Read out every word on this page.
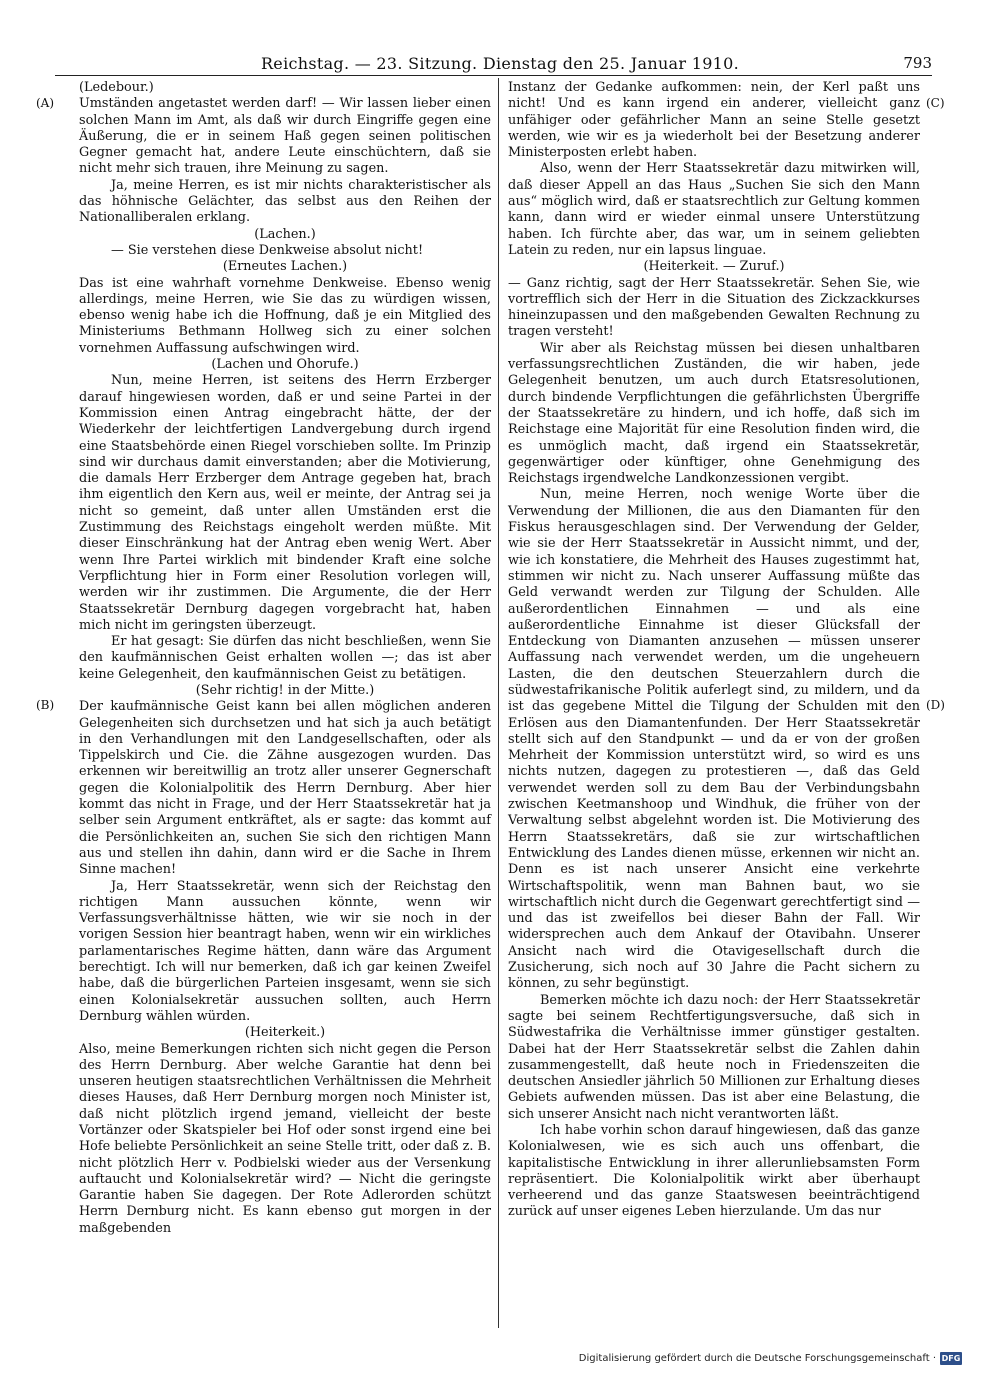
Reichstag. — 23. Sitzung. Dienstag den 25. Januar 1910.	793
(A)
(B)
(C)
(D)

(Ledebour.)

Umständen angetastet werden darf! — Wir lassen lieber einen solchen Mann im Amt, als daß wir durch Eingriffe gegen eine Äußerung, die er in seinem Haß gegen seinen politischen Gegner gemacht hat, andere Leute einschüchtern, daß sie nicht mehr sich trauen, ihre Meinung zu sagen.

Ja, meine Herren, es ist mir nichts charakteristischer als das höhnische Gelächter, das selbst aus den Reihen der Nationalliberalen erklang.

(Lachen.)

— Sie verstehen diese Denkweise absolut nicht!

(Erneutes Lachen.)

Das ist eine wahrhaft vornehme Denkweise. Ebenso wenig allerdings, meine Herren, wie Sie das zu würdigen wissen, ebenso wenig habe ich die Hoffnung, daß je ein Mitglied des Ministeriums Bethmann Hollweg sich zu einer solchen vornehmen Auffassung aufschwingen wird.

(Lachen und Ohorufe.)

Nun, meine Herren, ist seitens des Herrn Erzberger darauf hingewiesen worden, daß er und seine Partei in der Kommission einen Antrag eingebracht hätte, der der Wiederkehr der leichtfertigen Landvergebung durch irgend eine Staatsbehörde einen Riegel vorschieben sollte. Im Prinzip sind wir durchaus damit einverstanden; aber die Motivierung, die damals Herr Erzberger dem Antrage gegeben hat, brach ihm eigentlich den Kern aus, weil er meinte, der Antrag sei ja nicht so gemeint, daß unter allen Umständen erst die Zustimmung des Reichstags eingeholt werden müßte. Mit dieser Einschränkung hat der Antrag eben wenig Wert. Aber wenn Ihre Partei wirklich mit bindender Kraft eine solche Verpflichtung hier in Form einer Resolution vorlegen will, werden wir ihr zustimmen. Die Argumente, die der Herr Staatssekretär Dernburg dagegen vorgebracht hat, haben mich nicht im geringsten überzeugt.

Er hat gesagt: Sie dürfen das nicht beschließen, wenn Sie den kaufmännischen Geist erhalten wollen —; das ist aber keine Gelegenheit, den kaufmännischen Geist zu betätigen.

(Sehr richtig! in der Mitte.)

Der kaufmännische Geist kann bei allen möglichen anderen Gelegenheiten sich durchsetzen und hat sich ja auch betätigt in den Verhandlungen mit den Landgesellschaften, oder als Tippelskirch und Cie. die Zähne ausgezogen wurden. Das erkennen wir bereitwillig an trotz aller unserer Gegnerschaft gegen die Kolonialpolitik des Herrn Dernburg. Aber hier kommt das nicht in Frage, und der Herr Staatssekretär hat ja selber sein Argument entkräftet, als er sagte: das kommt auf die Persönlichkeiten an, suchen Sie sich den richtigen Mann aus und stellen ihn dahin, dann wird er die Sache in Ihrem Sinne machen!

Ja, Herr Staatssekretär, wenn sich der Reichstag den richtigen Mann aussuchen könnte, wenn wir Verfassungsverhältnisse hätten, wie wir sie noch in der vorigen Session hier beantragt haben, wenn wir ein wirkliches parlamentarisches Regime hätten, dann wäre das Argument berechtigt. Ich will nur bemerken, daß ich gar keinen Zweifel habe, daß die bürgerlichen Parteien insgesamt, wenn sie sich einen Kolonialsekretär aussuchen sollten, auch Herrn Dernburg wählen würden.

(Heiterkeit.)

Also, meine Bemerkungen richten sich nicht gegen die Person des Herrn Dernburg. Aber welche Garantie hat denn bei unseren heutigen staatsrechtlichen Verhältnissen die Mehrheit dieses Hauses, daß Herr Dernburg morgen noch Minister ist, daß nicht plötzlich irgend jemand, vielleicht der beste Vortänzer oder Skatspieler bei Hof oder sonst irgend eine bei Hofe beliebte Persönlichkeit an seine Stelle tritt, oder daß z. B. nicht plötzlich Herr v. Podbielski wieder aus der Versenkung auftaucht und Kolonialsekretär wird? — Nicht die geringste Garantie haben Sie dagegen. Der Rote Adlerorden schützt Herrn Dernburg nicht. Es kann ebenso gut morgen in der maßgebenden

Instanz der Gedanke aufkommen: nein, der Kerl paßt uns nicht! Und es kann irgend ein anderer, vielleicht ganz unfähiger oder gefährlicher Mann an seine Stelle gesetzt werden, wie wir es ja wiederholt bei der Besetzung anderer Ministerposten erlebt haben.

Also, wenn der Herr Staatssekretär dazu mitwirken will, daß dieser Appell an das Haus „Suchen Sie sich den Mann aus“ möglich wird, daß er staatsrechtlich zur Geltung kommen kann, dann wird er wieder einmal unsere Unterstützung haben. Ich fürchte aber, das war, um in seinem geliebten Latein zu reden, nur ein lapsus linguae.

(Heiterkeit. — Zuruf.)

— Ganz richtig, sagt der Herr Staatssekretär. Sehen Sie, wie vortrefflich sich der Herr in die Situation des Zickzackkurses hineinzupassen und den maßgebenden Gewalten Rechnung zu tragen versteht!

Wir aber als Reichstag müssen bei diesen unhaltbaren verfassungsrechtlichen Zuständen, die wir haben, jede Gelegenheit benutzen, um auch durch Etatsresolutionen, durch bindende Verpflichtungen die gefährlichsten Übergriffe der Staatssekretäre zu hindern, und ich hoffe, daß sich im Reichstage eine Majorität für eine Resolution finden wird, die es unmöglich macht, daß irgend ein Staatssekretär, gegenwärtiger oder künftiger, ohne Genehmigung des Reichstags irgendwelche Landkonzessionen vergibt.

Nun, meine Herren, noch wenige Worte über die Verwendung der Millionen, die aus den Diamanten für den Fiskus herausgeschlagen sind. Der Verwendung der Gelder, wie sie der Herr Staatssekretär in Aussicht nimmt, und der, wie ich konstatiere, die Mehrheit des Hauses zugestimmt hat, stimmen wir nicht zu. Nach unserer Auffassung müßte das Geld verwandt werden zur Tilgung der Schulden. Alle außerordentlichen Einnahmen — und als eine außerordentliche Einnahme ist dieser Glücksfall der Entdeckung von Diamanten anzusehen — müssen unserer Auffassung nach verwendet werden, um die ungeheuern Lasten, die den deutschen Steuerzahlern durch die südwestafrikanische Politik auferlegt sind, zu mildern, und da ist das gegebene Mittel die Tilgung der Schulden mit den Erlösen aus den Diamantenfunden. Der Herr Staatssekretär stellt sich auf den Standpunkt — und da er von der großen Mehrheit der Kommission unterstützt wird, so wird es uns nichts nutzen, dagegen zu protestieren —, daß das Geld verwendet werden soll zu dem Bau der Verbindungsbahn zwischen Keetmanshoop und Windhuk, die früher von der Verwaltung selbst abgelehnt worden ist. Die Motivierung des Herrn Staatssekretärs, daß sie zur wirtschaftlichen Entwicklung des Landes dienen müsse, erkennen wir nicht an. Denn es ist nach unserer Ansicht eine verkehrte Wirtschaftspolitik, wenn man Bahnen baut, wo sie wirtschaftlich nicht durch die Gegenwart gerechtfertigt sind — und das ist zweifellos bei dieser Bahn der Fall. Wir widersprechen auch dem Ankauf der Otavibahn. Unserer Ansicht nach wird die Otavigesellschaft durch die Zusicherung, sich noch auf 30 Jahre die Pacht sichern zu können, zu sehr begünstigt.

Bemerken möchte ich dazu noch: der Herr Staatssekretär sagte bei seinem Rechtfertigungsversuche, daß sich in Südwestafrika die Verhältnisse immer günstiger gestalten. Dabei hat der Herr Staatssekretär selbst die Zahlen dahin zusammengestellt, daß heute noch in Friedenszeiten die deutschen Ansiedler jährlich 50 Millionen zur Erhaltung dieses Gebiets aufwenden müssen. Das ist aber eine Belastung, die sich unserer Ansicht nach nicht verantworten läßt.

Ich habe vorhin schon darauf hingewiesen, daß das ganze Kolonialwesen, wie es sich auch uns offenbart, die kapitalistische Entwicklung in ihrer allerunliebsamsten Form repräsentiert. Die Kolonialpolitik wirkt aber überhaupt verheerend und das ganze Staatswesen beeinträchtigend zurück auf unser eigenes Leben hierzulande. Um das nur

Digitalisierung gefördert durch die Deutsche Forschungsgemeinschaft · DFG
